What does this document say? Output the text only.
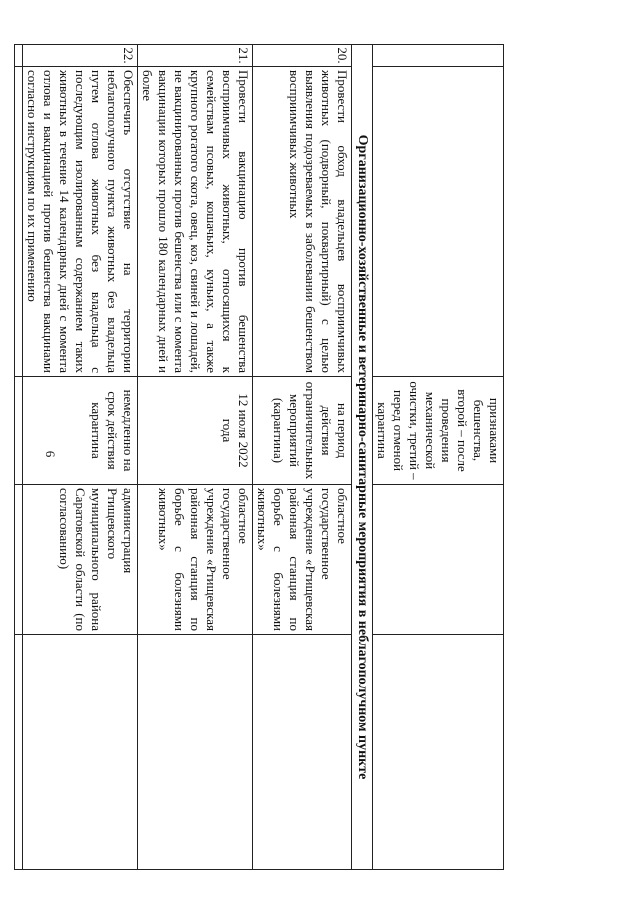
6
			признаками бешенства, второй – после проведения механической очистки, третий – перед отменой карантина		
Организационно-хозяйственные и ветеринарно-санитарные мероприятия в неблагополучном пункте				
20.	Провести обход владельцев восприимчивых животных (подворный, поквартирный) с целью выявления подозреваемых в заболевании бешенством восприимчивых животных	на период действия ограничительных мероприятий (карантина)	областное государственное учреждение «Ртищевская районная станция по борьбе с болезнями животных»	
21.	Провести вакцинацию против бешенства восприимчивых животных, относящихся к семействам псовых, кошачьих, куньих, а также крупного рогатого скота, овец, коз, свиней и лошадей, не вакцинированных против бешенства или с момента вакцинации которых прошло 180 календарных дней и более	12 июля 2022 года	областное государственное учреждение «Ртищевская районная станция по борьбе с болезнями животных»	
22.	Обеспечить отсутствие на территории неблагополучного пункта животных без владельца путем отлова животных без владельца с последующим изолированным содержанием таких животных в течение 14 календарных дней с момента отлова и вакцинацией против бешенства вакцинами согласно инструкциям по их применению	немедленно на срок действия карантина	администрация Ртищевского муниципального района Саратовской области (по согласованию)	
